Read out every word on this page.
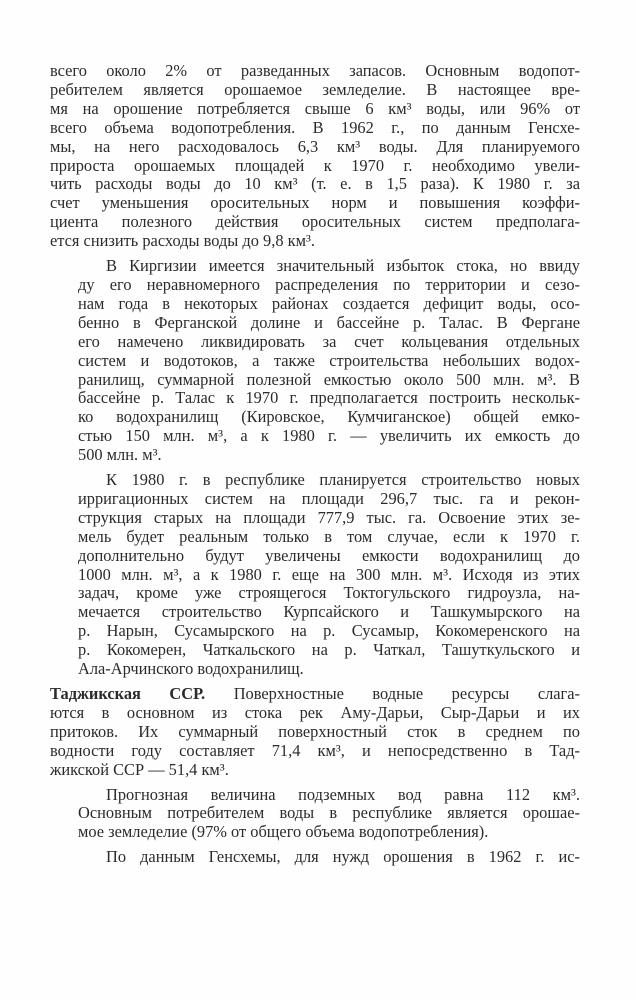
всего около 2% от разведанных запасов. Основным водопот-
ребителем является орошаемое земледелие. В настоящее вре-
мя на орошение потребляется свыше 6 км³ воды, или 96% от
всего объема водопотребления. В 1962 г., по данным Генсхе-
мы, на него расходовалось 6,3 км³ воды. Для планируемого
прироста орошаемых площадей к 1970 г. необходимо увели-
чить расходы воды до 10 км³ (т. е. в 1,5 раза). К 1980 г. за
счет уменьшения оросительных норм и повышения коэффи-
циента полезного действия оросительных систем предполага-
ется снизить расходы воды до 9,8 км³.

В Киргизии имеется значительный избыток стока, но ввиду
ду его неравномерного распределения по территории и сезо-
нам года в некоторых районах создается дефицит воды, осо-
бенно в Ферганской долине и бассейне р. Талас. В Фергане
его намечено ликвидировать за счет кольцевания отдельных
систем и водотоков, а также строительства небольших водох-
ранилищ, суммарной полезной емкостью около 500 млн. м³. В
бассейне р. Талас к 1970 г. предполагается построить нескольк-
ко водохранилищ (Кировское, Кумчиганское) общей емко-
стью 150 млн. м³, а к 1980 г. — увеличить их емкость до
500 млн. м³.

К 1980 г. в республике планируется строительство новых
ирригационных систем на площади 296,7 тыс. га и рекон-
струкция старых на площади 777,9 тыс. га. Освоение этих зе-
мель будет реальным только в том случае, если к 1970 г.
дополнительно будут увеличены емкости водохранилищ до
1000 млн. м³, а к 1980 г. еще на 300 млн. м³. Исходя из этих
задач, кроме уже строящегося Токтогульского гидроузла, на-
мечается строительство Курпсайского и Ташкумырского на
р. Нарын, Сусамырского на р. Сусамыр, Кокомеренского на
р. Кокомерен, Чаткальского на р. Чаткал, Ташуткульского и
Ала-Арчинского водохранилищ.

Таджикская ССР. Поверхностные водные ресурсы слага-
ются в основном из стока рек Аму-Дарьи, Сыр-Дарьи и их
притоков. Их суммарный поверхностный сток в среднем по
водности году составляет 71,4 км³, и непосредственно в Тад-
жикской ССР — 51,4 км³.

Прогнозная величина подземных вод равна 112 км³.
Основным потребителем воды в республике является орошае-
мое земледелие (97% от общего объема водопотребления).

По данным Генсхемы, для нужд орошения в 1962 г. ис-
